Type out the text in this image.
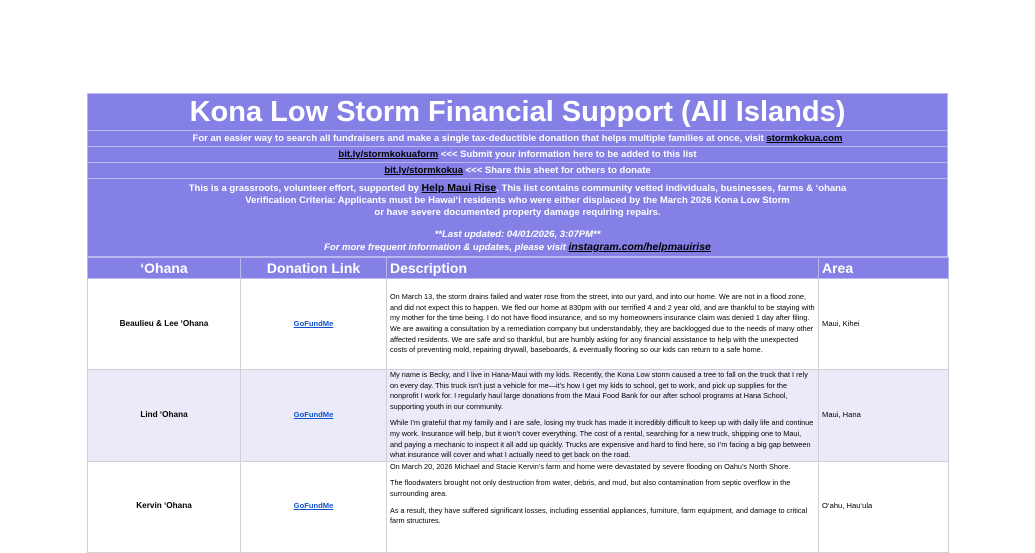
Kona Low Storm Financial Support (All Islands)
For an easier way to search all fundraisers and make a single tax-deductible donation that helps multiple families at once, visit stormkokua.com
bit.ly/stormkokuaform <<< Submit your information here to be added to this list
bit.ly/stormkokua <<< Share this sheet for others to donate
This is a grassroots, volunteer effort, supported by Help Maui Rise. This list contains community vetted individuals, businesses, farms & ‘ohana
Verification Criteria: Applicants must be Hawai‘i residents who were either displaced by the March 2026 Kona Low Storm
or have severe documented property damage requiring repairs.
**Last updated: 04/01/2026, 3:07PM**
For more frequent information & updates, please visit instagram.com/helpmauirise
‘Ohana	Donation Link	Description	Area
Beaulieu & Lee ‘Ohana	GoFundMe	On March 13, the storm drains failed and water rose from the street, into our yard, and into our home. We are not in a flood zone, and did not expect this to happen. We fled our home at 830pm with our terrified 4 and 2 year old, and are thankful to be staying with my mother for the time being. I do not have flood insurance, and so my homeowners insurance claim was denied 1 day after filing. We are awaiting a consultation by a remediation company but understandably, they are backlogged due to the needs of many other affected residents. We are safe and so thankful, but are humbly asking for any financial assistance to help with the unexpected costs of preventing mold, repairing drywall, baseboards, & eventually flooring so our kids can return to a safe home.	Maui, Kihei
Lind ‘Ohana	GoFundMe	My name is Becky, and I live in Hana-Maui with my kids. Recently, the Kona Low storm caused a tree to fall on the truck that I rely on every day. This truck isn’t just a vehicle for me—it’s how I get my kids to school, get to work, and pick up supplies for the nonprofit I work for. I regularly haul large donations from the Maui Food Bank for our after school programs at Hana School, supporting youth in our community.

While I’m grateful that my family and I are safe, losing my truck has made it incredibly difficult to keep up with daily life and continue my work. Insurance will help, but it won’t cover everything. The cost of a rental, searching for a new truck, shipping one to Maui, and paying a mechanic to inspect it all add up quickly. Trucks are expensive and hard to find here, so I’m facing a big gap between what insurance will cover and what I actually need to get back on the road.	Maui, Hana
Kervin ‘Ohana	GoFundMe	On March 20, 2026 Michael and Stacie Kervin’s farm and home were devastated by severe flooding on Oahu’s North Shore.

The floodwaters brought not only destruction from water, debris, and mud, but also contamination from septic overflow in the surrounding area.

As a result, they have suffered significant losses, including essential appliances, furniture, farm equipment, and damage to critical farm structures.	O‘ahu, Hau‘ula
